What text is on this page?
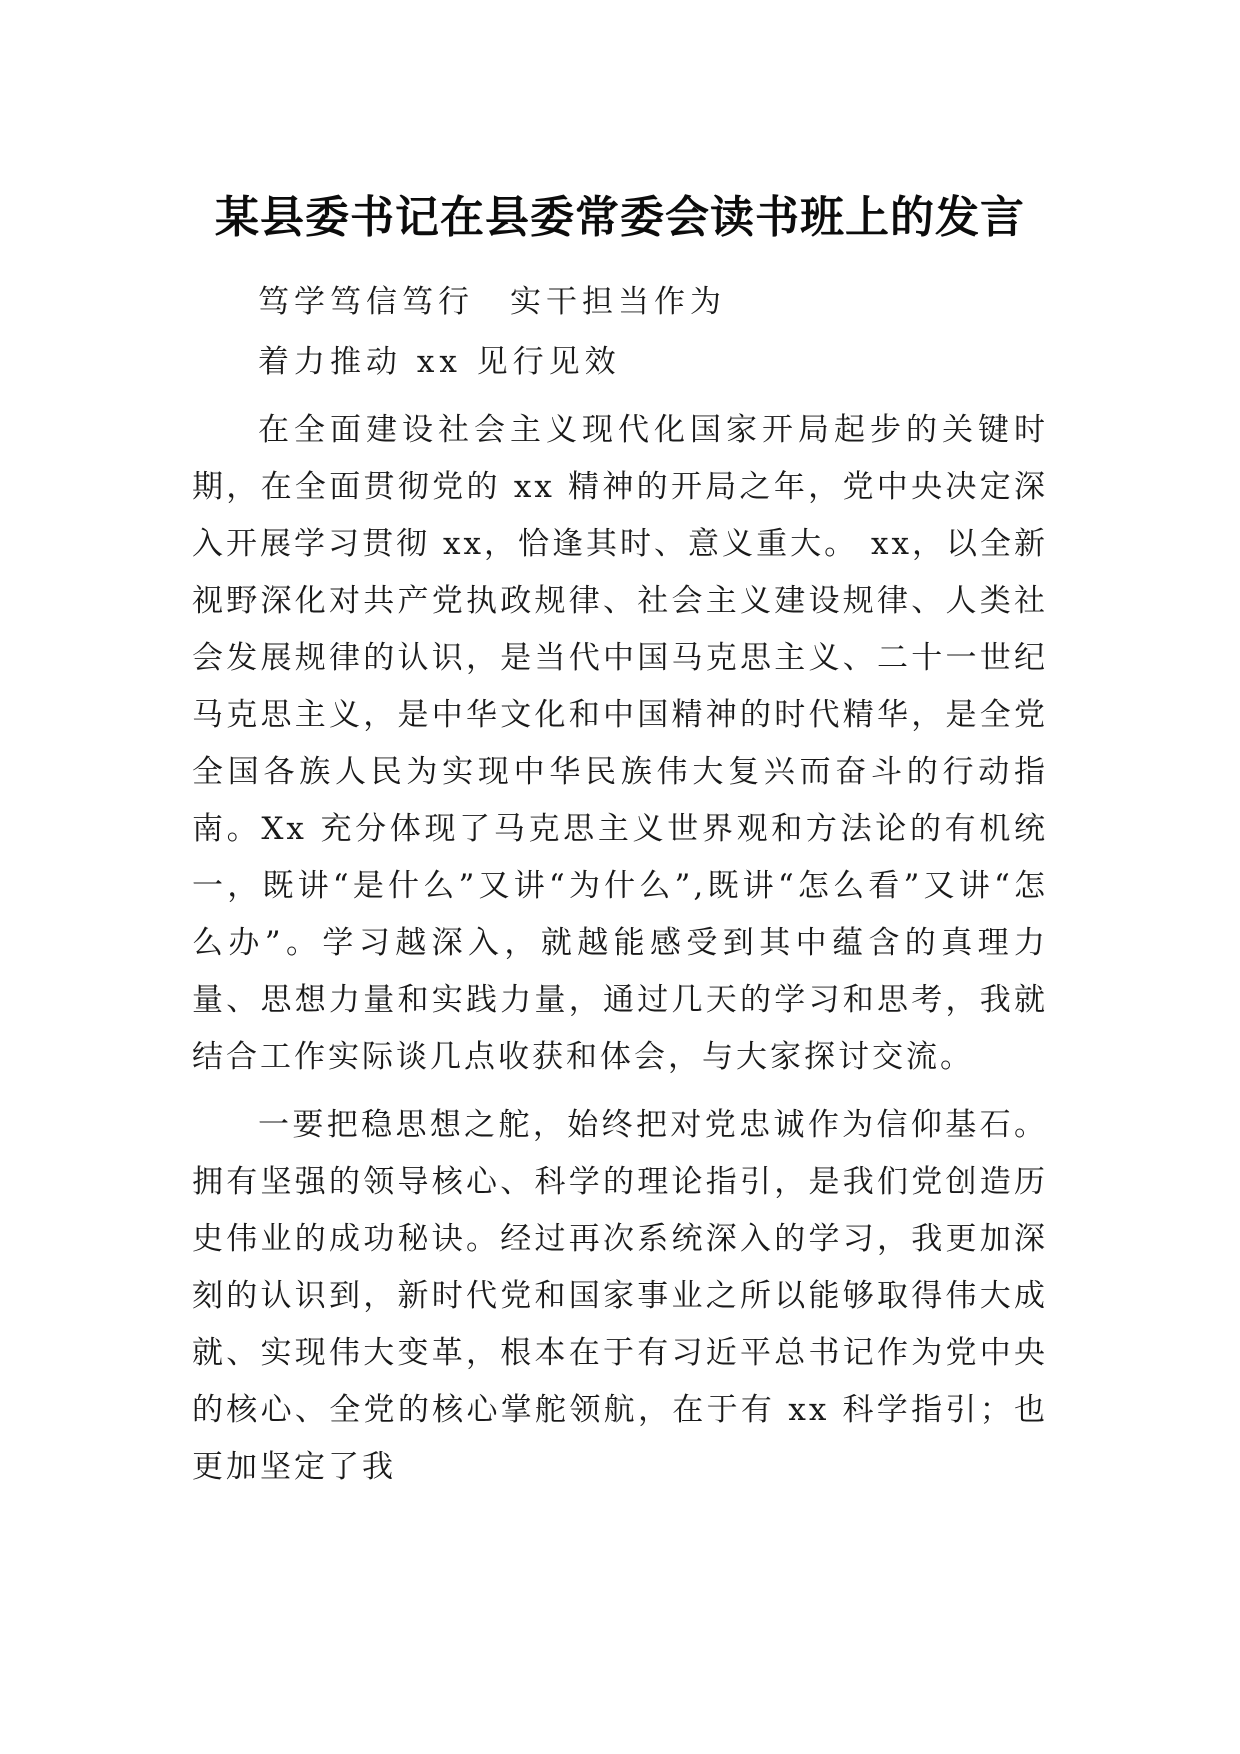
某县委书记在县委常委会读书班上的发言
笃学笃信笃行　实干担当作为
着力推动 xx 见行见效

在全面建设社会主义现代化国家开局起步的关键时期，在全面贯彻党的 xx 精神的开局之年，党中央决定深入开展学习贯彻 xx，恰逢其时、意义重大。 xx，以全新视野深化对共产党执政规律、社会主义建设规律、人类社会发展规律的认识，是当代中国马克思主义、二十一世纪马克思主义，是中华文化和中国精神的时代精华，是全党全国各族人民为实现中华民族伟大复兴而奋斗的行动指南。Xx 充分体现了马克思主义世界观和方法论的有机统一，既讲“是什么”又讲“为什么”,既讲“怎么看”又讲“怎么办”。学习越深入，就越能感受到其中蕴含的真理力量、思想力量和实践力量，通过几天的学习和思考，我就结合工作实际谈几点收获和体会，与大家探讨交流。

一要把稳思想之舵，始终把对党忠诚作为信仰基石。拥有坚强的领导核心、科学的理论指引，是我们党创造历史伟业的成功秘诀。经过再次系统深入的学习，我更加深刻的认识到，新时代党和国家事业之所以能够取得伟大成就、实现伟大变革，根本在于有习近平总书记作为党中央的核心、全党的核心掌舵领航，在于有 xx 科学指引；也更加坚定了我
